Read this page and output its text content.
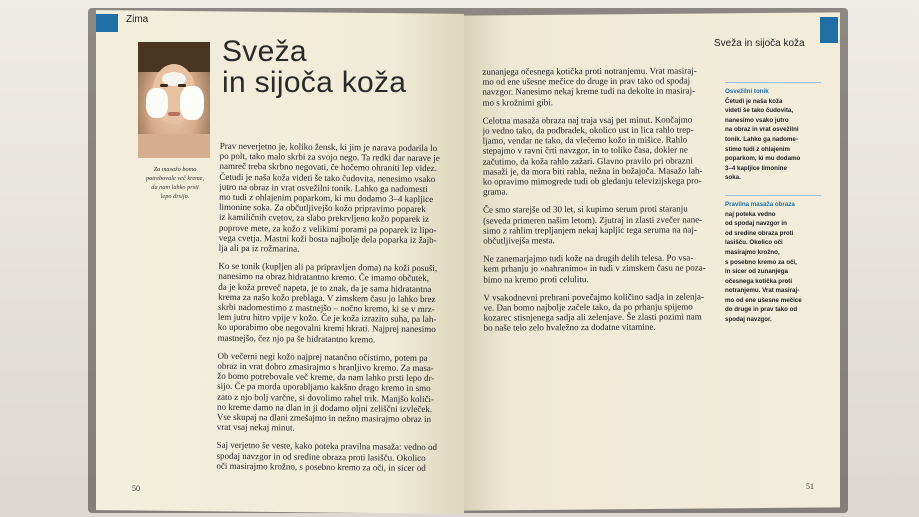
Zima
Sveža in sijoča koža
Za masažo bomo
potrebovale več kreme,
da nam lahko prsti
lepo drsijo.
Sveža
in sijoča koža

Prav neverjetno je, koliko žensk, ki jim je narava podarila lo
po polt, tako malo skrbi za svojo nego. Ta redki dar narave je
namreč treba skrbno negovati, če hočemo ohraniti lep videz.
Četudi je naša koža videti še tako čudovita, nenesimo vsako
jutro na obraz in vrat osvežilni tonik. Lahko ga nadomesti
mo tudi z ohlajenim poparkom, ki mu dodamo 3–4 kapljice
limonine soka. Za občutljivejšo kožo pripravimo poparek
iz kamiličnih cvetov, za slabo prekrvljeno kožo poparek iz
poprove mete, za kožo z velikimi porami pa poparek iz lipo-
vega cvetja. Mastni koži bosta najbolje dela poparka iz žajb-
lja ali pa iz rožmarina.

Ko se tonik (kupljen ali pa pripravljen doma) na koži posuši,
nanesimo na obraz hidratantno kremo. Če imamo občutek,
da je koža preveč napeta, je to znak, da je sama hidratantna
krema za našo kožo preblaga. V zimskem času jo lahko brez
skrbi nadomestimo z mastnejšo – nočno kremo, ki se v mrz-
lem jutru hitro vpije v kožo. Če je koža izrazito suha, pa lah-
ko uporabimo obe negovalni kremi hkrati. Najprej nanesimo
mastnejšo, čez njo pa še hidratantno kremo.

Ob večerni negi kožo najprej natančno očistimo, potem pa
obraz in vrat dobro zmasirajmo s hranljivo kremo. Za masa-
žo bomo potrebovale več kreme, da nam lahko prsti lepo dr-
sijo. Če pa morda uporabljamo kakšno drago kremo in smo
zato z njo bolj varčne, si dovolimo rahel trik. Manjšo količi-
no kreme damo na dlan in ji dodamo oljni zeliščni izvleček.
Vse skupaj na dlani zmešajmo in nežno masirajmo obraz in
vrat vsaj nekaj minut.

Saj verjetno še veste, kako poteka pravilna masaža: vedno od
spodaj navzgor in od sredine obraza proti lasišču. Okolico
oči masirajmo krožno, s posebno kremo za oči, in sicer od

zunanjega očesnega kotička proti notranjemu. Vrat masiraj-
mo od ene ušesne mečice do druge in prav tako od spodaj
navzgor. Nanesimo nekaj kreme tudi na dekolte in masiraj-
mo s krožnimi gibi.

Celotna masaža obraza naj traja vsaj pet minut. Končajmo
jo vedno tako, da podbradek, okolico ust in lica rahlo trep-
ljamo, vendar ne tako, da vlečemo kožo in mišice. Rahlo
stepajmo v ravni črti navzgor, in to toliko časa, dokler ne
začutimo, da koža rahlo zažari. Glavno pravilo pri obrazni
masaži je, da mora biti rahla, nežna in božajoča. Masažo lah-
ko opravimo mimogrede tudi ob gledanju televizijskega pro-
grama.

Če smo starejše od 30 let, si kupimo serum proti staranju
(seveda primeren našim letom). Zjutraj in zlasti zvečer nane-
simo z rahlim trepljanjem nekaj kapljic tega seruma na naj-
občutljivejša mesta.

Ne zanemarjajmo tudi kože na drugih delih telesa. Po vsa-
kem prhanju jo »nahranimo« in tudi v zimskem času ne poza-
bimo na kremo proti celulitu.

V vsakodnevni prehrani povečajmo količino sadja in zelenja-
ve. Dan bomo najbolje začele tako, da po prhanju spijemo
kozarec stisnjenega sadja ali zelenjave. Še zlasti pozimi nam
bo naše telo zelo hvaležno za dodatne vitamine.

Osvežilni tonik
Četudi je naša koža
videti še tako čudovita,
nanesimo vsako jutro
na obraz in vrat osvežilni
tonik. Lahko ga nadome-
stimo tudi z ohlajenim
poparkom, ki mu dodamo
3–4 kapljice limonine
soka.
Pravilna masaža obraza
naj poteka vedno
od spodaj navzgor in
od sredine obraza proti
lasišču. Okolico oči
masirajmo krožno,
s posebno kremo za oči,
in sicer od zunanjega
očesnega kotička proti
notranjemu. Vrat masiraj-
mo od ene ušesne mečice
do druge in prav tako od
spodaj navzgor.
50	51
